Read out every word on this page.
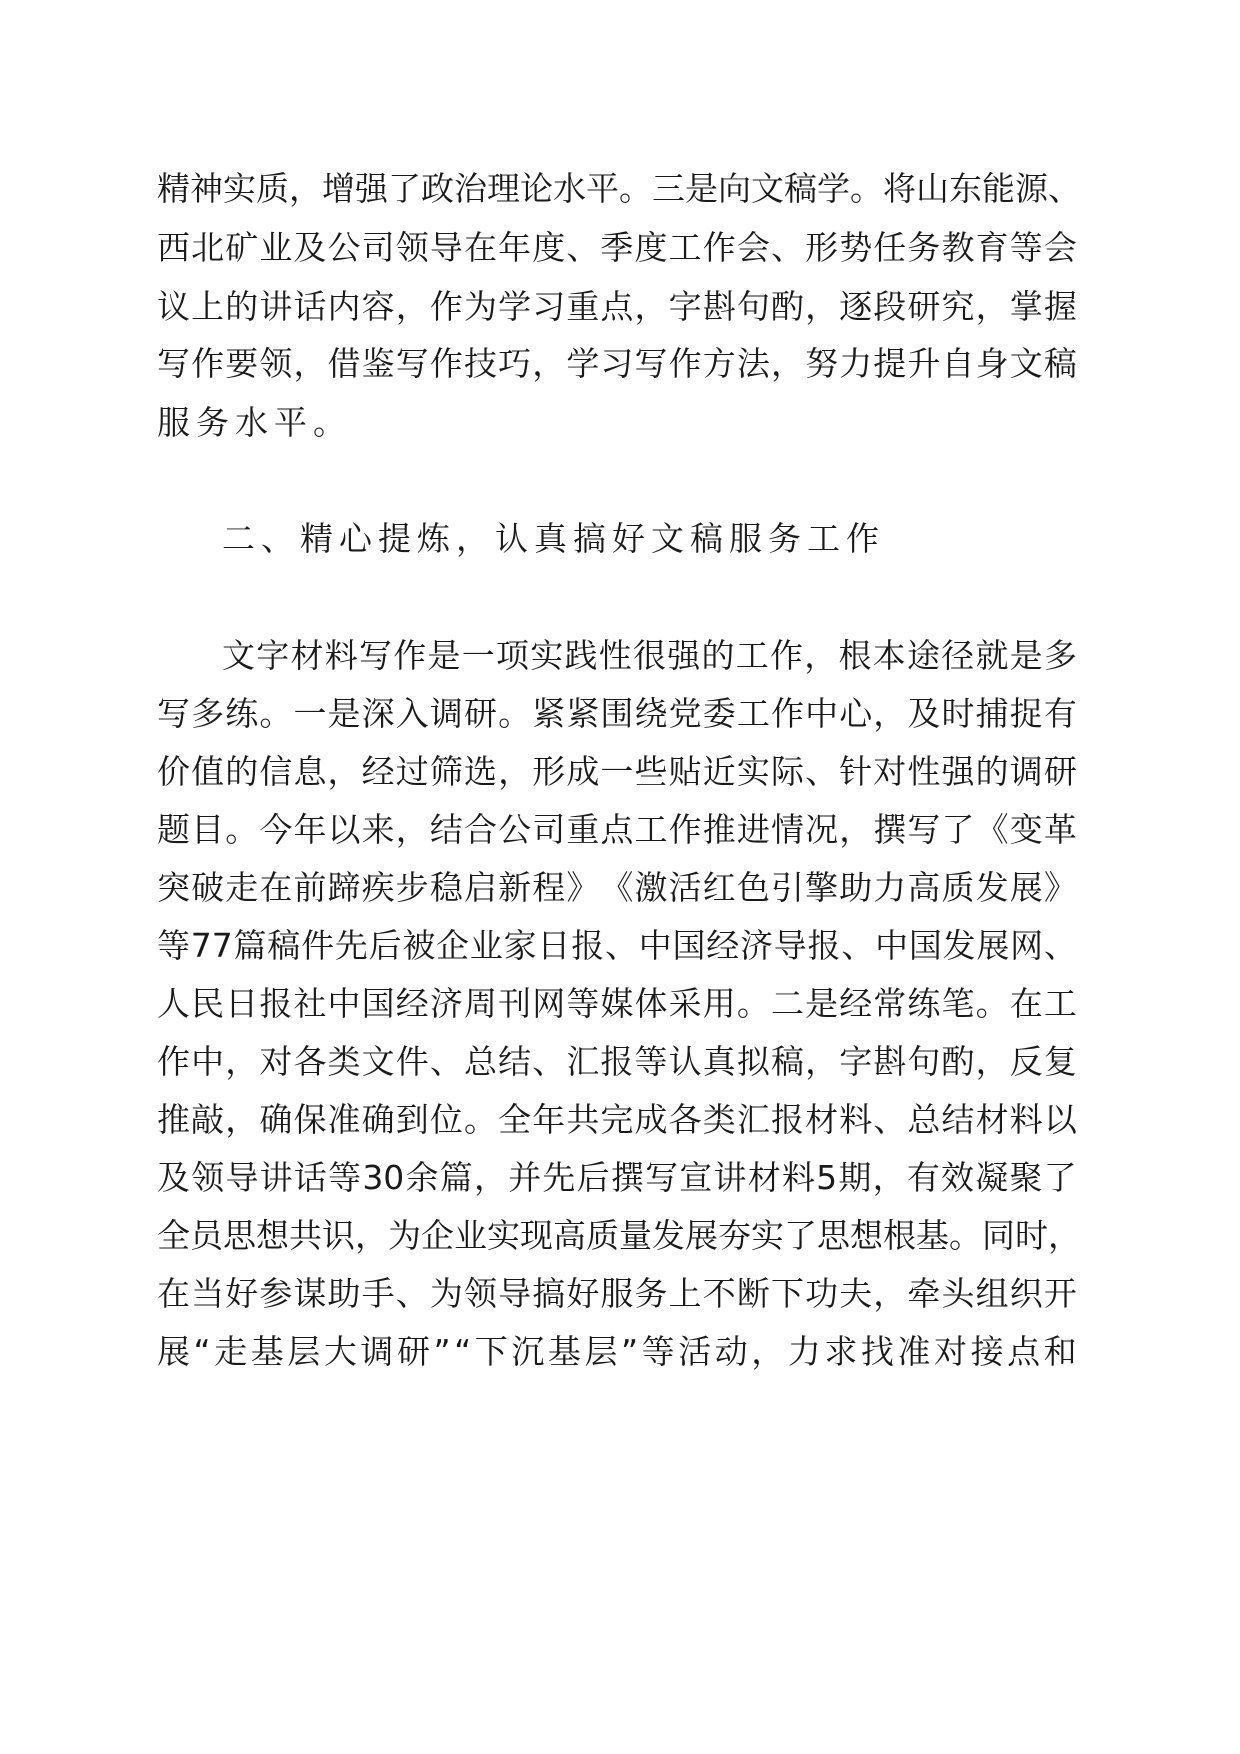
精 神 实 质 ， 增 强 了 政 治 理 论 水 平 。 三 是 向 文 稿 学 。 将 山 东 能 源 、
西 北 矿 业 及 公 司 领 导 在 年 度 、 季 度 工 作 会 、 形 势 任 务 教 育 等 会
议 上 的 讲 话 内 容 ， 作 为 学 习 重 点 ， 字 斟 句 酌 ， 逐 段 研 究 ， 掌 握
写 作 要 领 ， 借 鉴 写 作 技 巧 ， 学 习 写 作 方 法 ， 努 力 提 升 自 身 文 稿
服务水平。
二、精心提炼，认真搞好文稿服务工作
文 字 材 料 写 作 是 一 项 实 践 性 很 强 的 工 作 ， 根 本 途 径 就 是 多
写 多 练 。 一 是 深 入 调 研 。 紧 紧 围 绕 党 委 工 作 中 心 ， 及 时 捕 捉 有
价 值 的 信 息 ， 经 过 筛 选 ， 形 成 一 些 贴 近 实 际 、 针 对 性 强 的 调 研
题 目 。 今 年 以 来 ， 结 合 公 司 重 点 工 作 推 进 情 况 ， 撰 写 了 《 变 革
突 破 走 在 前 蹄 疾 步 稳 启 新 程 》 《 激 活 红 色 引 擎 助 力 高 质 发 展 》
等 77 篇 稿 件 先 后 被 企 业 家 日 报 、 中 国 经 济 导 报 、 中 国 发 展 网 、
人 民 日 报 社 中 国 经 济 周 刊 网 等 媒 体 采 用 。 二 是 经 常 练 笔 。 在 工
作 中 ， 对 各 类 文 件 、 总 结 、 汇 报 等 认 真 拟 稿 ， 字 斟 句 酌 ， 反 复
推 敲 ， 确 保 准 确 到 位 。 全 年 共 完 成 各 类 汇 报 材 料 、 总 结 材 料 以
及 领 导 讲 话 等 30 余 篇 ， 并 先 后 撰 写 宣 讲 材 料 5 期 ， 有 效 凝 聚 了
全 员 思 想 共 识 ， 为 企 业 实 现 高 质 量 发 展 夯 实 了 思 想 根 基 。 同 时 ，
在 当 好 参 谋 助 手 、 为 领 导 搞 好 服 务 上 不 断 下 功 夫 ， 牵 头 组 织 开
展 “ 走 基 层 大 调 研 ” “ 下 沉 基 层 ” 等 活 动 ， 力 求 找 准 对 接 点 和
